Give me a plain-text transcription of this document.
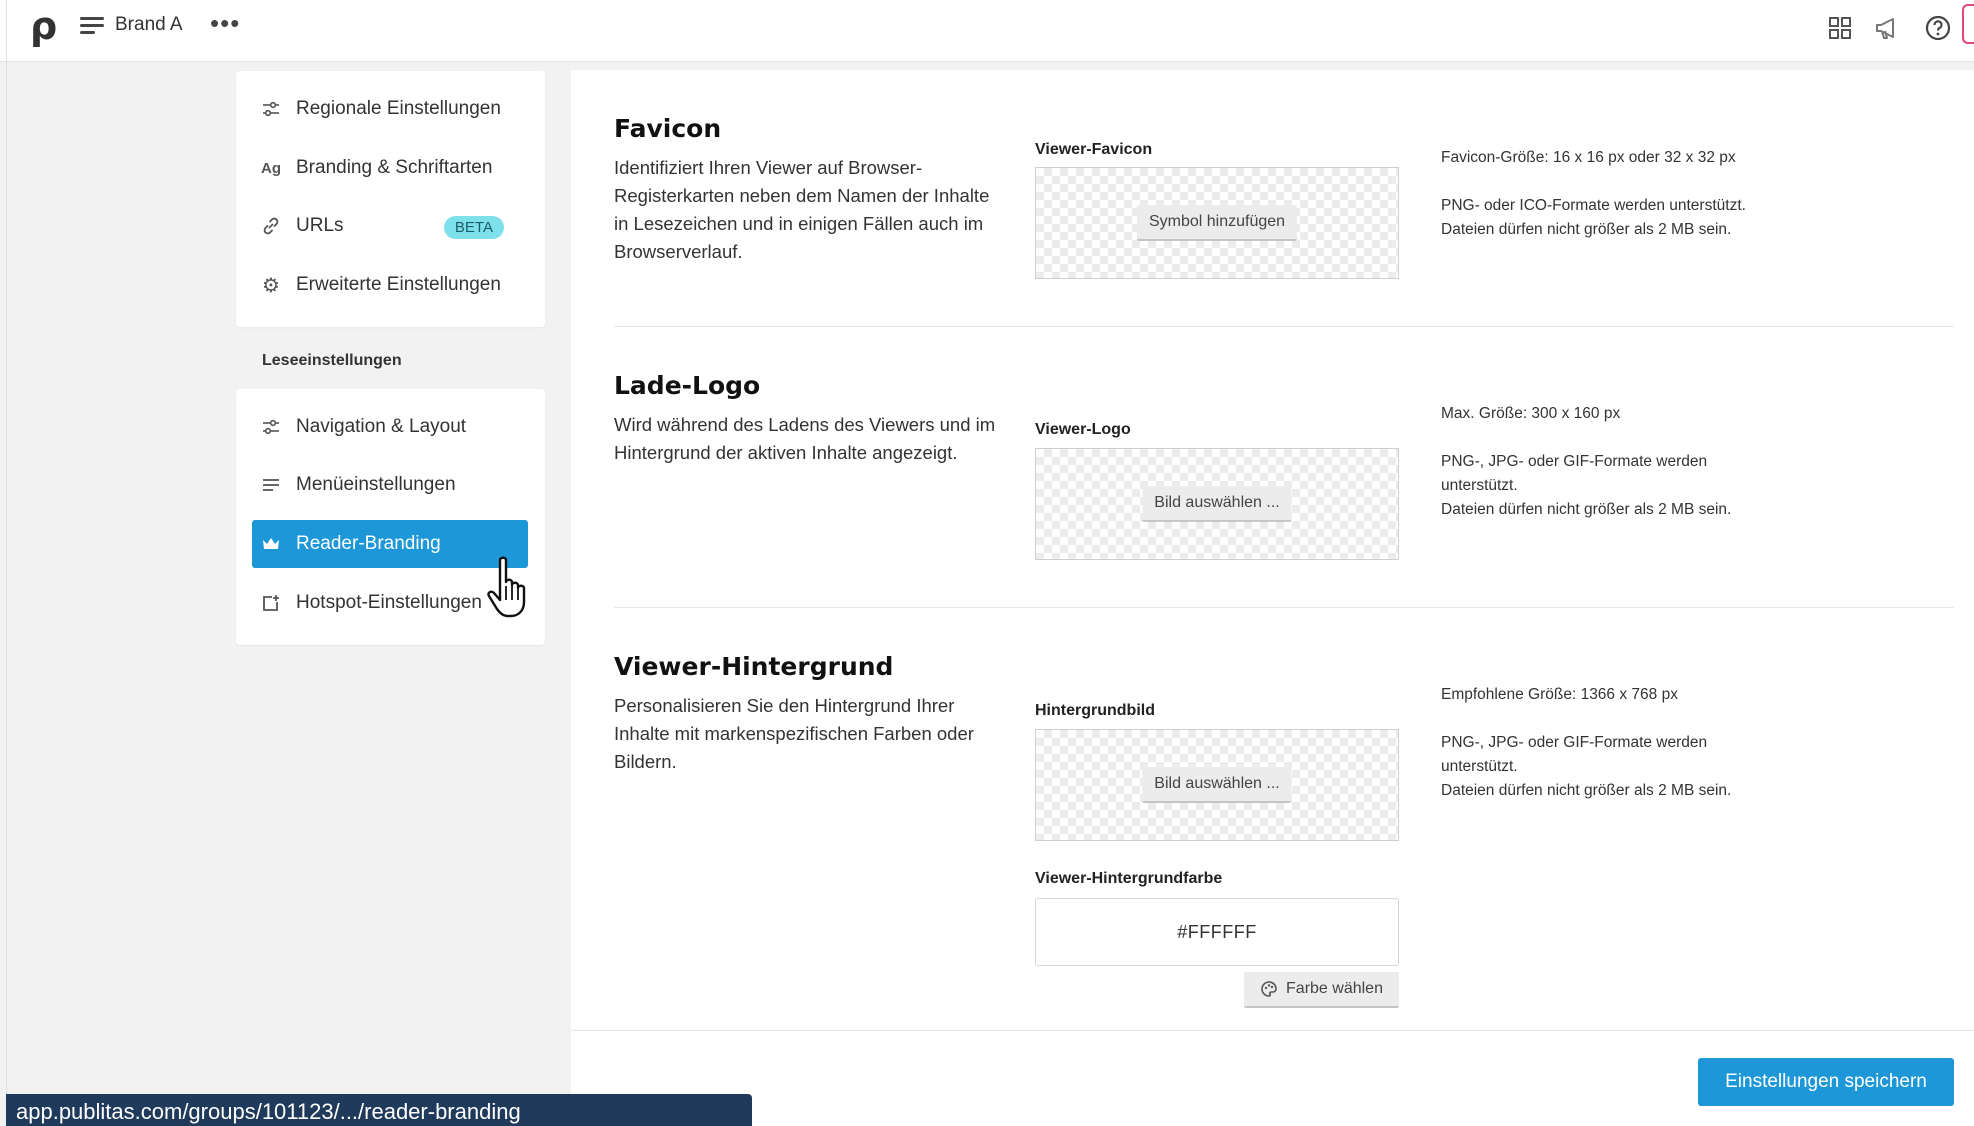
ρ	Brand A •••
Regionale Einstellungen
Ag Branding & Schriftarten
URLs	BETA
⚙ Erweiterte Einstellungen
Leseeinstellungen
Navigation & Layout
Menüeinstellungen
Reader-Branding
Hotspot-Einstellungen
Favicon
Identifiziert Ihren Viewer auf Browser-Registerkarten neben dem Namen der Inhalte in Lesezeichen und in einigen Fällen auch im Browserverlauf.
Viewer-Favicon
Symbol hinzufügen
Favicon-Größe: 16 x 16 px oder 32 x 32 px
PNG- oder ICO-Formate werden unterstützt.
Dateien dürfen nicht größer als 2 MB sein.
Lade-Logo
Wird während des Ladens des Viewers und im Hintergrund der aktiven Inhalte angezeigt.
Viewer-Logo
Bild auswählen ...
Max. Größe: 300 x 160 px
PNG-, JPG- oder GIF-Formate werden unterstützt.
Dateien dürfen nicht größer als 2 MB sein.
Viewer-Hintergrund
Personalisieren Sie den Hintergrund Ihrer Inhalte mit markenspezifischen Farben oder Bildern.
Hintergrundbild
Bild auswählen ...
Viewer-Hintergrundfarbe
Empfohlene Größe: 1366 x 768 px
PNG-, JPG- oder GIF-Formate werden unterstützt.
Dateien dürfen nicht größer als 2 MB sein.
#FFFFFF
Farbe wählen
Einstellungen speichern
app.publitas.com/groups/101123/.../reader-branding
